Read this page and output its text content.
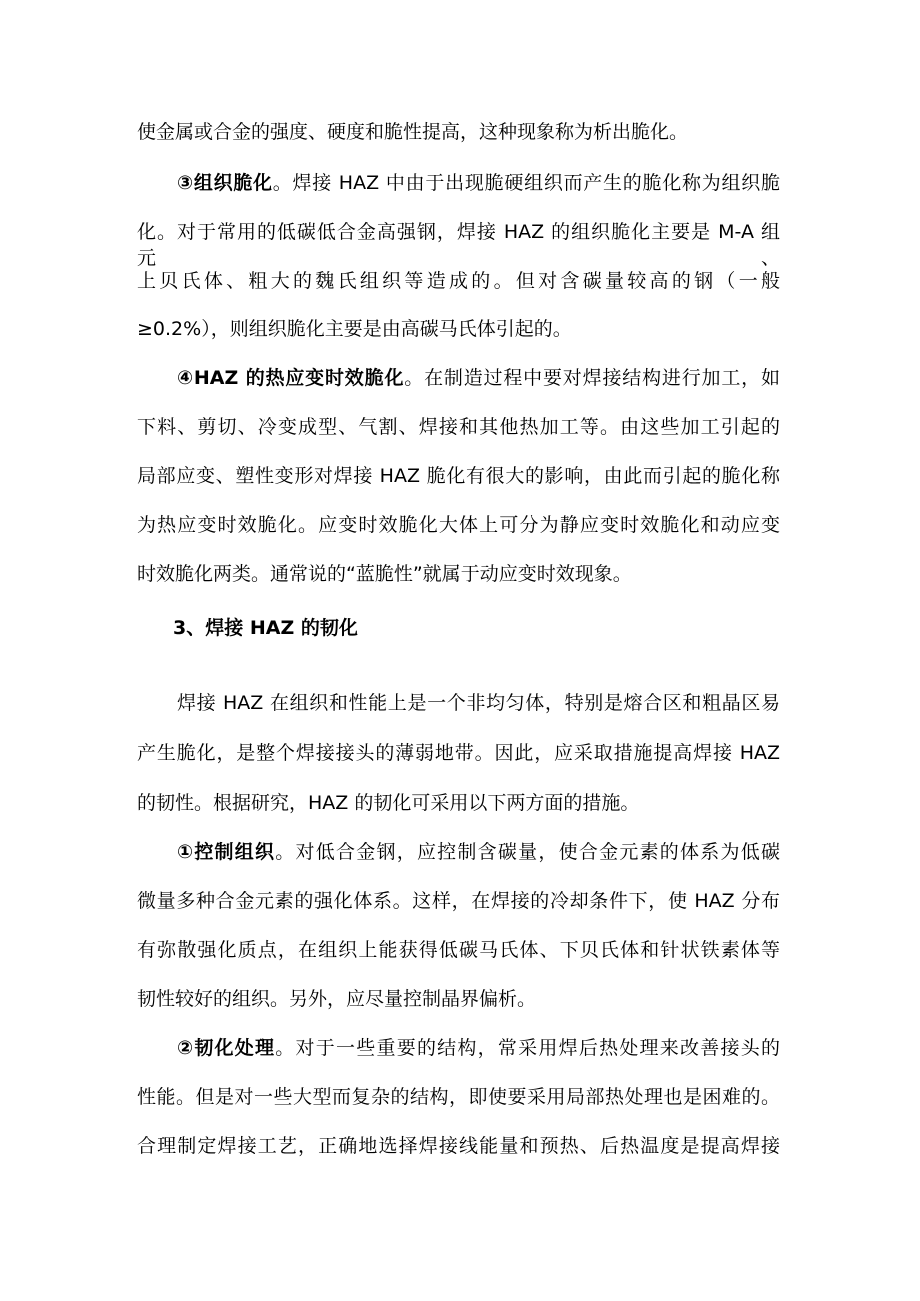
使金属或合金的强度、硬度和脆性提高，这种现象称为析出脆化。
③组织脆化。焊接 HAZ 中由于出现脆硬组织而产生的脆化称为组织脆
化。对于常用的低碳低合金高强钢，焊接 HAZ 的组织脆化主要是 M-A 组元、
上贝氏体、粗大的魏氏组织等造成的。但对含碳量较高的钢（一般
≥0.2%），则组织脆化主要是由高碳马氏体引起的。
④HAZ 的热应变时效脆化。在制造过程中要对焊接结构进行加工，如
下料、剪切、冷变成型、气割、焊接和其他热加工等。由这些加工引起的
局部应变、塑性变形对焊接 HAZ 脆化有很大的影响，由此而引起的脆化称
为热应变时效脆化。应变时效脆化大体上可分为静应变时效脆化和动应变
时效脆化两类。通常说的“蓝脆性”就属于动应变时效现象。
3、焊接 HAZ 的韧化
焊接 HAZ 在组织和性能上是一个非均匀体，特别是熔合区和粗晶区易
产生脆化，是整个焊接接头的薄弱地带。因此，应采取措施提高焊接 HAZ
的韧性。根据研究，HAZ 的韧化可采用以下两方面的措施。
①控制组织。对低合金钢，应控制含碳量，使合金元素的体系为低碳
微量多种合金元素的强化体系。这样，在焊接的冷却条件下，使 HAZ 分布
有弥散强化质点，在组织上能获得低碳马氏体、下贝氏体和针状铁素体等
韧性较好的组织。另外，应尽量控制晶界偏析。
②韧化处理。对于一些重要的结构，常采用焊后热处理来改善接头的
性能。但是对一些大型而复杂的结构，即使要采用局部热处理也是困难的。
合理制定焊接工艺，正确地选择焊接线能量和预热、后热温度是提高焊接
